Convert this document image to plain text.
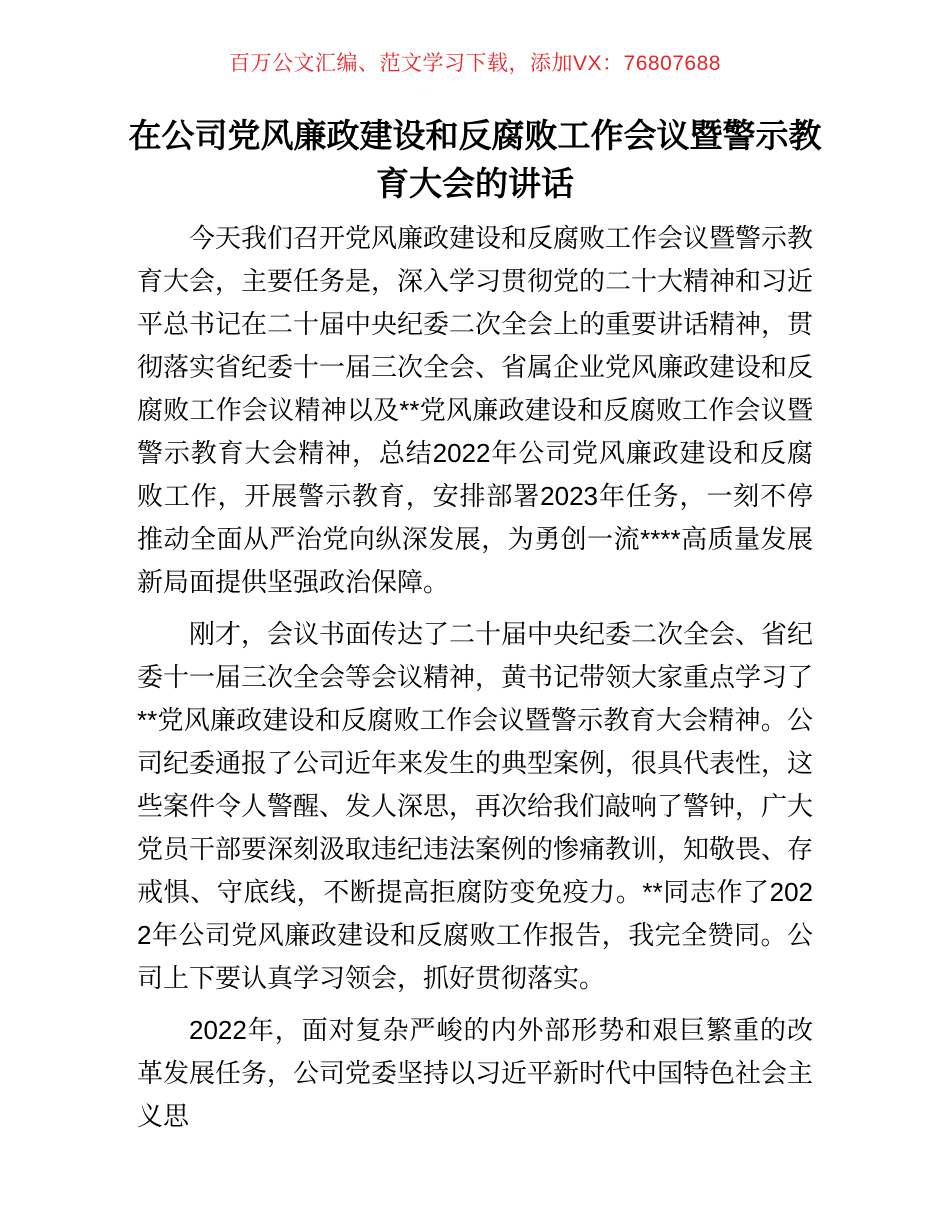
百万公文汇编、范文学习下载，添加VX：76807688
在公司党风廉政建设和反腐败工作会议暨警示教育大会的讲话

今天我们召开党风廉政建设和反腐败工作会议暨警示教育大会，主要任务是，深入学习贯彻党的二十大精神和习近平总书记在二十届中央纪委二次全会上的重要讲话精神，贯彻落实省纪委十一届三次全会、省属企业党风廉政建设和反腐败工作会议精神以及**党风廉政建设和反腐败工作会议暨警示教育大会精神，总结2022年公司党风廉政建设和反腐败工作，开展警示教育，安排部署2023年任务，一刻不停推动全面从严治党向纵深发展，为勇创一流****高质量发展新局面提供坚强政治保障。

刚才，会议书面传达了二十届中央纪委二次全会、省纪委十一届三次全会等会议精神，黄书记带领大家重点学习了**党风廉政建设和反腐败工作会议暨警示教育大会精神。公司纪委通报了公司近年来发生的典型案例，很具代表性，这些案件令人警醒、发人深思，再次给我们敲响了警钟，广大党员干部要深刻汲取违纪违法案例的惨痛教训，知敬畏、存戒惧、守底线，不断提高拒腐防变免疫力。**同志作了2022年公司党风廉政建设和反腐败工作报告，我完全赞同。公司上下要认真学习领会，抓好贯彻落实。

2022年，面对复杂严峻的内外部形势和艰巨繁重的改革发展任务，公司党委坚持以习近平新时代中国特色社会主义思
